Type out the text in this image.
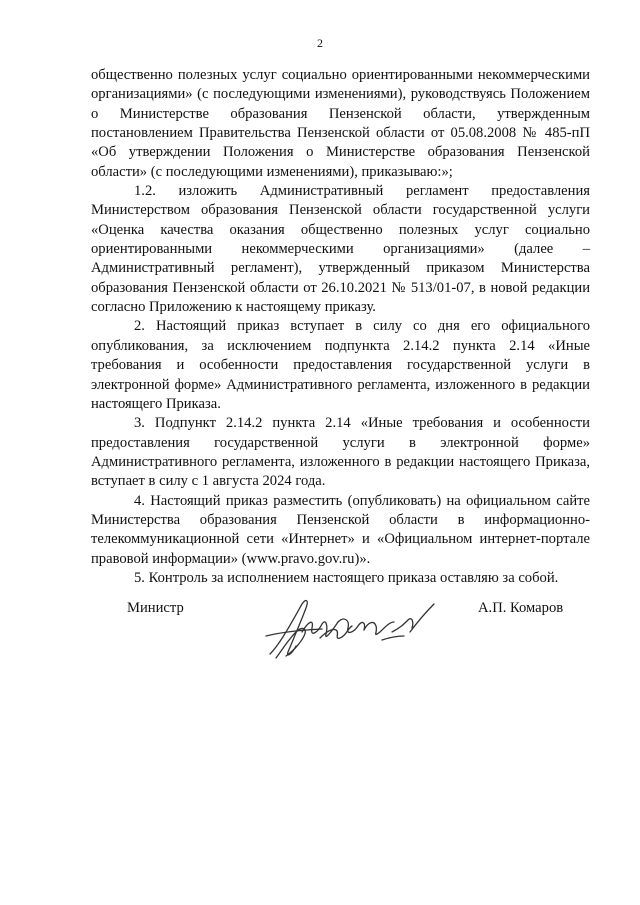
2

общественно полезных услуг социально ориентированными некоммерческими организациями» (с последующими изменениями), руководствуясь Положением о Министерстве образования Пензенской области, утвержденным постановлением Правительства Пензенской области от 05.08.2008 № 485-пП «Об утверждении Положения о Министерстве образования Пензенской области» (с последующими изменениями), приказываю:»;

1.2. изложить Административный регламент предоставления Министерством образования Пензенской области государственной услуги «Оценка качества оказания общественно полезных услуг социально ориентированными некоммерческими организациями» (далее – Административный регламент), утвержденный приказом Министерства образования Пензенской области от 26.10.2021 № 513/01-07, в новой редакции согласно Приложению к настоящему приказу.

2. Настоящий приказ вступает в силу со дня его официального опубликования, за исключением подпункта 2.14.2 пункта 2.14 «Иные требования и особенности предоставления государственной услуги в электронной форме» Административного регламента, изложенного в редакции настоящего Приказа.

3. Подпункт 2.14.2 пункта 2.14 «Иные требования и особенности предоставления государственной услуги в электронной форме» Административного регламента, изложенного в редакции настоящего Приказа, вступает в силу с 1 августа 2024 года.

4. Настоящий приказ разместить (опубликовать) на официальном сайте Министерства образования Пензенской области в информационно-телекоммуникационной сети «Интернет» и «Официальном интернет-портале правовой информации» (www.pravo.gov.ru)».

5. Контроль за исполнением настоящего приказа оставляю за собой.

Министр	А.П. Комаров
